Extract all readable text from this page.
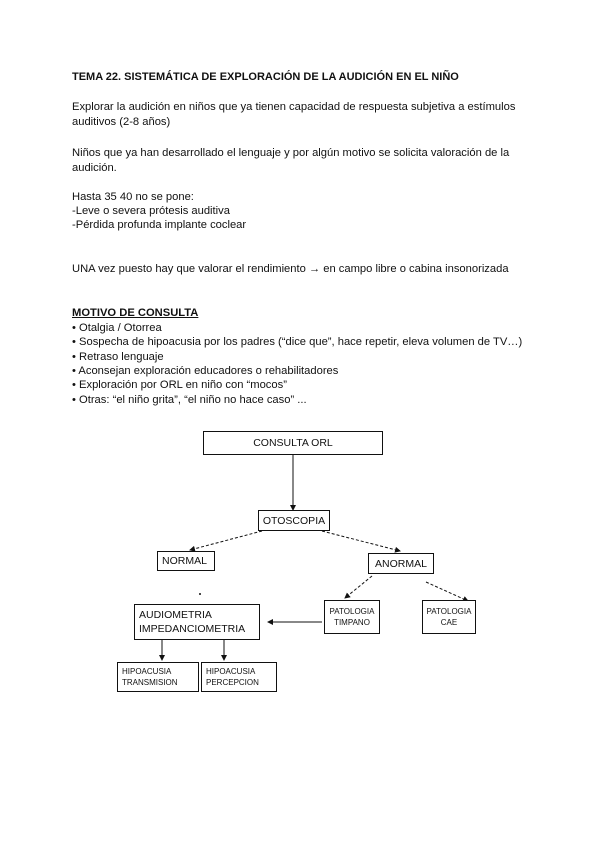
TEMA 22. SISTEMÁTICA DE EXPLORACIÓN DE LA AUDICIÓN EN EL NIÑO
Explorar la audición en niños que ya tienen capacidad de respuesta subjetiva a estímulos
auditivos (2-8 años)
Niños que ya han desarrollado el lenguaje y por algún motivo se solicita valoración de la
audición.
Hasta 35 40 no se pone:
-Leve o severa prótesis auditiva
-Pérdida profunda implante coclear
UNA vez puesto hay que valorar el rendimiento → en campo libre o cabina insonorizada
MOTIVO DE CONSULTA
• Otalgia / Otorrea
• Sospecha de hipoacusia por los padres (“dice que”, hace repetir, eleva volumen de TV…)
• Retraso lenguaje
• Aconsejan exploración educadores o rehabilitadores
• Exploración por ORL en niño con “mocos”
• Otras: “el niño grita”, “el niño no hace caso” ...
CONSULTA ORL
OTOSCOPIA
NORMAL	ANORMAL
AUDIOMETRIA
IMPEDANCIOMETRIA
PATOLOGIA
TIMPANO
PATOLOGIA
CAE
HIPOACUSIA
TRANSMISION
HIPOACUSIA
PERCEPCION
